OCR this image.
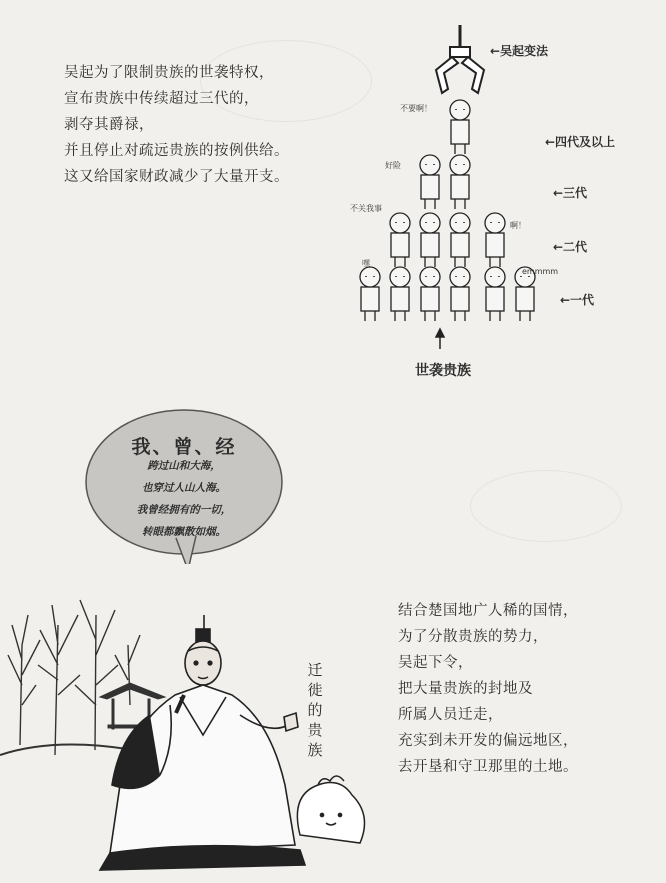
吴起为了限制贵族的世袭特权，
宣布贵族中传续超过三代的，
剥夺其爵禄，
并且停止对疏远贵族的按例供给。
这又给国家财政减少了大量开支。
←吴起变法
←四代及以上
←三代
←二代
←一代
世袭贵族
不要啊！
好险
不关我事
嘿
啊！
emmmm
我、曾、经
跨过山和大海，
也穿过人山人海。
我曾经拥有的一切，
转眼都飘散如烟。
迁徙的贵族
结合楚国地广人稀的国情，
为了分散贵族的势力，
吴起下令，
把大量贵族的封地及
所属人员迁走，
充实到未开发的偏远地区，
去开垦和守卫那里的土地。
